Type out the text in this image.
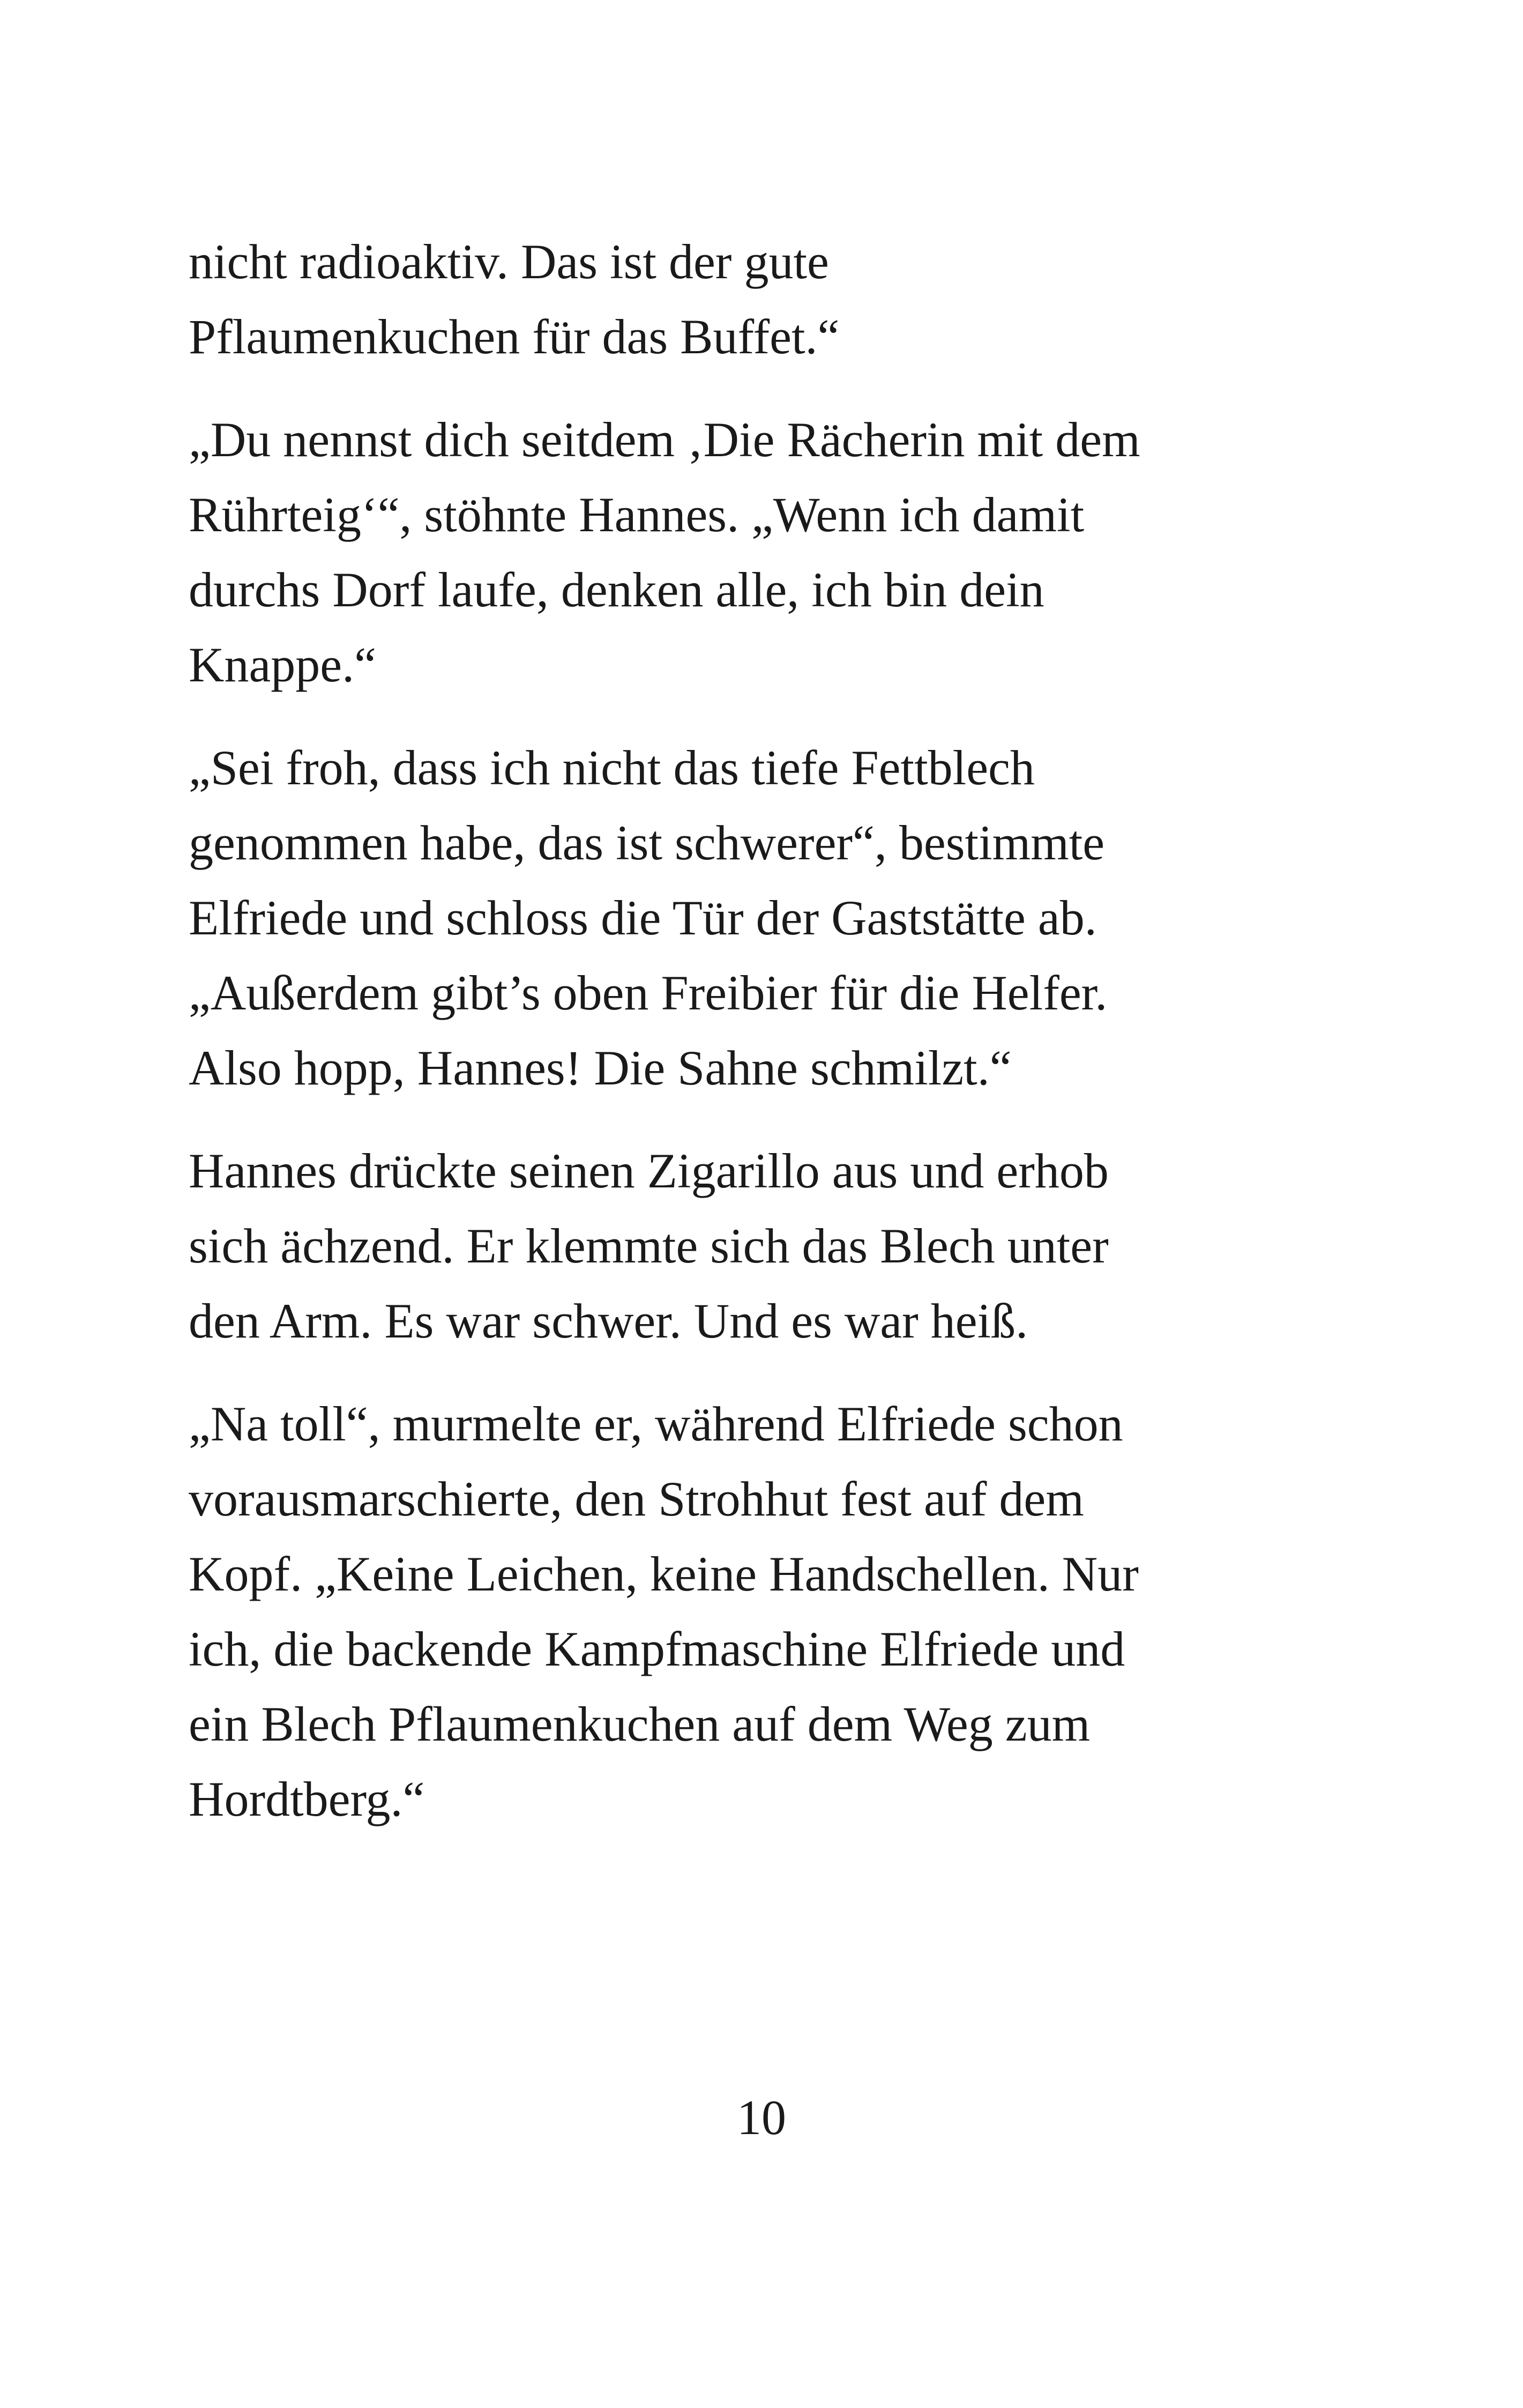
nicht radioaktiv. Das ist der gute
Pflaumenkuchen für das Buffet.“

„Du nennst dich seitdem ‚Die Rächerin mit dem
Rührteig‘“, stöhnte Hannes. „Wenn ich damit
durchs Dorf laufe, denken alle, ich bin dein
Knappe.“

„Sei froh, dass ich nicht das tiefe Fettblech
genommen habe, das ist schwerer“, bestimmte
Elfriede und schloss die Tür der Gaststätte ab.
„Außerdem gibt’s oben Freibier für die Helfer.
Also hopp, Hannes! Die Sahne schmilzt.“

Hannes drückte seinen Zigarillo aus und erhob
sich ächzend. Er klemmte sich das Blech unter
den Arm. Es war schwer. Und es war heiß.

„Na toll“, murmelte er, während Elfriede schon
vorausmarschierte, den Strohhut fest auf dem
Kopf. „Keine Leichen, keine Handschellen. Nur
ich, die backende Kampfmaschine Elfriede und
ein Blech Pflaumenkuchen auf dem Weg zum
Hordtberg.“

10
